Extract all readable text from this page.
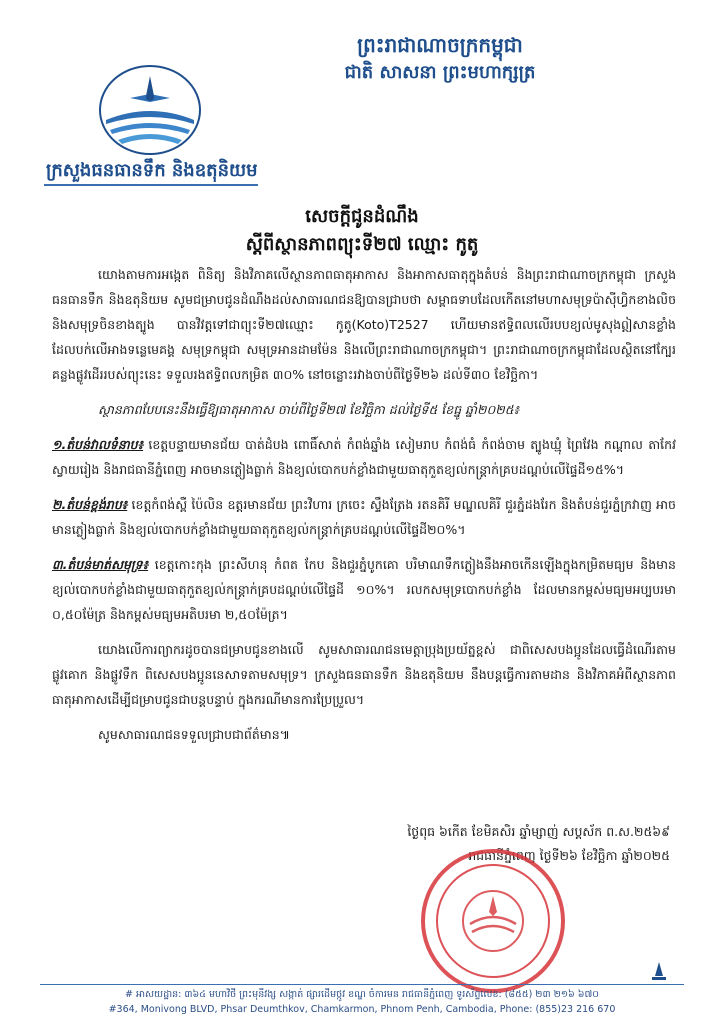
ព្រះរាជាណាចក្រកម្ពុជា
ជាតិ សាសនា ព្រះមហាក្សត្រ
ក្រសួងធនធានទឹក និងឧតុនិយម
សេចក្តីជូនដំណឹង
ស្តីពីស្ថានភាពព្យុះទី២៧ ឈ្មោះ កូតូ

យោងតាមការអង្កេត ពិនិត្យ និងវិភាគលើស្ថានភាពធាតុអាកាស និងអាកាសធាតុក្នុងតំបន់ និងព្រះរាជាណាចក្រកម្ពុជា ក្រសួងធនធានទឹក និងឧតុនិយម សូមជម្រាបជូនដំណឹងដល់សាធារណជនឱ្យបានជ្រាបថា សម្ពាធទាបដែលកើតនៅមហាសមុទ្រប៉ាស៊ីហ្វិកខាងលិច និងសមុទ្រចិនខាងត្បូង បានវិវត្តទៅជាព្យុះទី២៧ឈ្មោះ កូតូ(Koto)T2527 ហើយមានឥទ្ធិពលលើរបបខ្យល់មូសុងឦសានខ្លាំង ដែលបក់លើអាងទន្លេមេគង្គ សមុទ្រកម្ពុជា សមុទ្រអានដាមម៉ែន និងលើព្រះរាជាណាចក្រកម្ពុជា។ ព្រះរាជាណាចក្រកម្ពុជាដែលស្ថិតនៅក្បែរគន្លងផ្លូវដើររបស់ព្យុះនេះ ទទួលរងឥទ្ធិពលកម្រិត ៣០% នៅចន្លោះរវាងចាប់ពីថ្ងៃទី២៦ ដល់ទី៣០ ខែវិច្ឆិកា។

ស្ថានភាពបែបនេះនឹងធ្វើឱ្យធាតុអាកាស ចាប់ពីថ្ងៃទី២៧ ខែវិច្ឆិកា ដល់ថ្ងៃទី៥ ខែធ្នូ ឆ្នាំ២០២៥៖

១.តំបន់វាលទំនាប៖ ខេត្តបន្ទាយមានជ័យ បាត់ដំបង ពោធិ៍សាត់ កំពង់ឆ្នាំង សៀមរាប កំពង់ធំ កំពង់ចាម ត្បូងឃ្មុំ ព្រៃវែង កណ្តាល តាកែវ ស្វាយរៀង និងរាជធានីភ្នំពេញ អាចមានភ្លៀងធ្លាក់ និងខ្យល់បោកបក់ខ្លាំងជាមួយធាតុកួតខ្យល់កន្ត្រាក់គ្របដណ្តប់លើផ្ទៃដី១៥%។

២.តំបន់ខ្ពង់រាប៖ ខេត្តកំពង់ស្ពឺ ប៉ៃលិន ឧត្តរមានជ័យ ព្រះវិហារ ក្រចេះ ស្ទឹងត្រែង រតនគិរី មណ្ឌលគិរី ជួរភ្នំដងរែក និងតំបន់ជួរភ្នំក្រវាញ អាចមានភ្លៀងធ្លាក់ និងខ្យល់បោកបក់ខ្លាំងជាមួយធាតុកួតខ្យល់កន្ត្រាក់គ្របដណ្តប់លើផ្ទៃដី២០%។

៣.តំបន់មាត់សមុទ្រ៖ ខេត្តកោះកុង ព្រះសីហនុ កំពត កែប និងជួរភ្នំបូកគោ បរិមាណទឹកភ្លៀងនឹងអាចកើនឡើងក្នុងកម្រិតមធ្យម និងមានខ្យល់បោកបក់ខ្លាំងជាមួយធាតុកួតខ្យល់កន្ត្រាក់គ្របដណ្តប់លើផ្ទៃដី ១០%។ រលកសមុទ្របោកបក់ខ្លាំង ដែលមានកម្ពស់មធ្យមអប្បបរមា ០,៥០ម៉ែត្រ និងកម្ពស់មធ្យមអតិបរមា ២,៥០ម៉ែត្រ។

យោងលើការព្យាករដូចបានជម្រាបជូនខាងលើ សូមសាធារណជនមេត្តាប្រុងប្រយ័ត្នខ្ពស់ ជាពិសេសបងប្អូនដែលធ្វើដំណើរតាមផ្លូវគោក និងផ្លូវទឹក ពិសេសបងប្អូននេសាទតាមសមុទ្រ។ ក្រសួងធនធានទឹក និងឧតុនិយម នឹងបន្តធ្វើការតាមដាន និងវិភាគអំពីស្ថានភាពធាតុអាកាសដើម្បីជម្រាបជូនជាបន្តបន្ទាប់ ក្នុងករណីមានការប្រែប្រួល។

សូមសាធារណជនទទួលជ្រាបជាព័ត៌មាន៕

ថ្ងៃពុធ ៦កើត ខែមិគសិរ ឆ្នាំម្សាញ់ សប្តស័ក ព.ស.២៥៦៩
រាជធានីភ្នំពេញ ថ្ងៃទី២៦ ខែវិច្ឆិកា ឆ្នាំ២០២៥
# អាសយដ្ឋាន: ៣៦៤ មហាវិថី ព្រះមុនីវង្ស សង្កាត់ ផ្សារដើមថ្កូវ ខណ្ឌ ចំការមន រាជធានីភ្នំពេញ ទូរស័ព្ទលេខ: (៨៥៥) ២៣ ២១៦ ៦៧០
#364, Monivong BLVD, Phsar Deumthkov, Chamkarmon, Phnom Penh, Cambodia, Phone: (855)23 216 670
